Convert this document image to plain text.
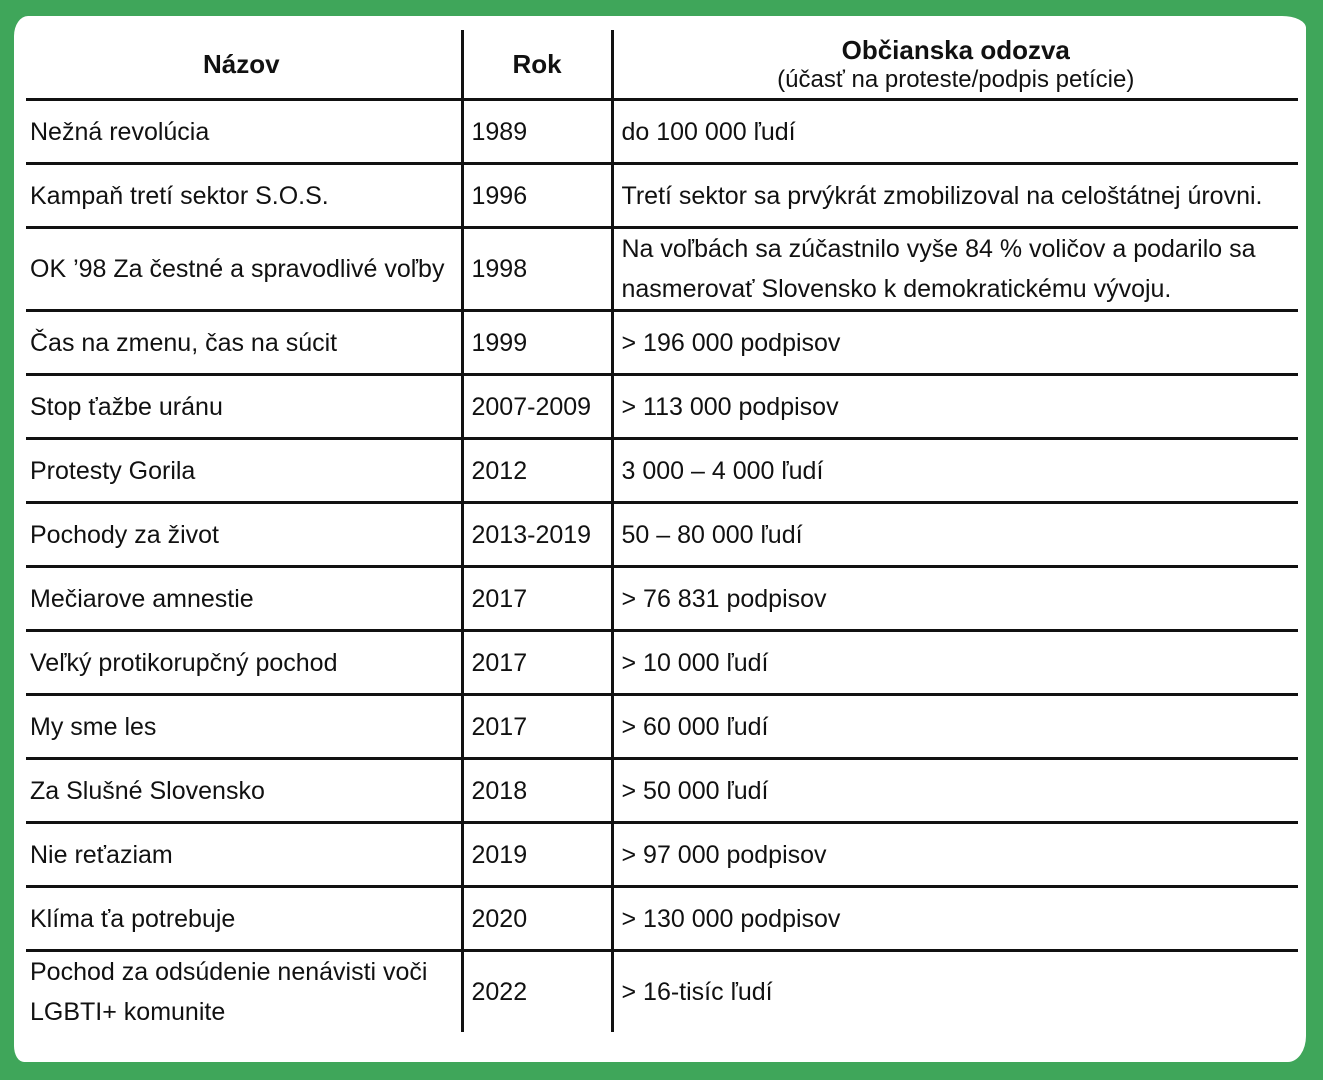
Názov	Rok	Občianska odozva
(účasť na proteste/podpis petície)

Nežná revolúcia	1989	do 100 000 ľudí
Kampaň tretí sektor S.O.S.	1996	Tretí sektor sa prvýkrát zmobilizoval na celoštátnej úrovni.
OK ’98 Za čestné a spravodlivé voľby	1998	Na voľbách sa zúčastnilo vyše 84 % voličov a podarilo sa nasmerovať Slovensko k demokratickému vývoju.
Čas na zmenu, čas na súcit	1999	> 196 000 podpisov
Stop ťažbe uránu	2007-2009	> 113 000 podpisov
Protesty Gorila	2012	3 000 – 4 000 ľudí
Pochody za život	2013-2019	50 – 80 000 ľudí
Mečiarove amnestie	2017	> 76 831 podpisov
Veľký protikorupčný pochod	2017	> 10 000 ľudí
My sme les	2017	> 60 000 ľudí
Za Slušné Slovensko	2018	> 50 000 ľudí
Nie reťaziam	2019	> 97 000 podpisov
Klíma ťa potrebuje	2020	> 130 000 podpisov
Pochod za odsúdenie nenávisti voči LGBTI+ komunite	2022	> 16-tisíc ľudí
